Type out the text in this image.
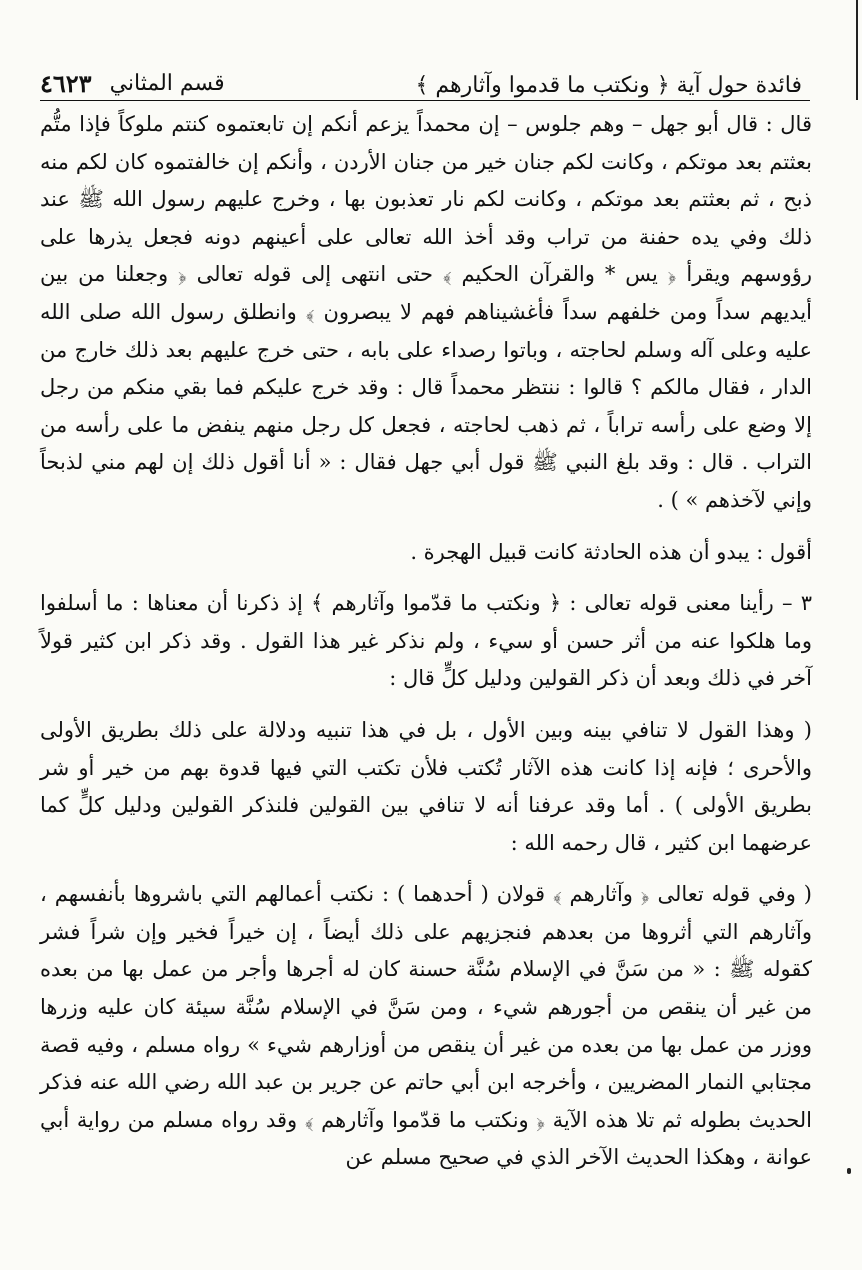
فائدة حول آية ﴿ ونكتب ما قدموا وآثارهم ﴾
قسم المثاني
٤٦٢٣

قال : قال أبو جهل – وهم جلوس – إن محمداً يزعم أنكم إن تابعتموه كنتم ملوكاً فإذا متُّم بعثتم بعد موتكم ، وكانت لكم جنان خير من جنان الأردن ، وأنكم إن خالفتموه كان لكم منه ذبح ، ثم بعثتم بعد موتكم ، وكانت لكم نار تعذبون بها ، وخرج عليهم رسول الله ﷺ عند ذلك وفي يده حفنة من تراب وقد أخذ الله تعالى على أعينهم دونه فجعل يذرها على رؤوسهم ويقرأ ﴿ يس * والقرآن الحكيم ﴾ حتى انتهى إلى قوله تعالى ﴿ وجعلنا من بين أيديهم سداً ومن خلفهم سداً فأغشيناهم فهم لا يبصرون ﴾ وانطلق رسول الله صلى الله عليه وعلى آله وسلم لحاجته ، وباتوا رصداء على بابه ، حتى خرج عليهم بعد ذلك خارج من الدار ، فقال مالكم ؟ قالوا : ننتظر محمداً قال : وقد خرج عليكم فما بقي منكم من رجل إلا وضع على رأسه تراباً ، ثم ذهب لحاجته ، فجعل كل رجل منهم ينفض ما على رأسه من التراب . قال : وقد بلغ النبي ﷺ قول أبي جهل فقال : « أنا أقول ذلك إن لهم مني لذبحاً وإني لآخذهم » ) .

أقول : يبدو أن هذه الحادثة كانت قبيل الهجرة .

٣ – رأينا معنى قوله تعالى : ﴿ ونكتب ما قدّموا وآثارهم ﴾ إذ ذكرنا أن معناها : ما أسلفوا وما هلكوا عنه من أثر حسن أو سيء ، ولم نذكر غير هذا القول . وقد ذكر ابن كثير قولاً آخر في ذلك وبعد أن ذكر القولين ودليل كلٍّ قال :

( وهذا القول لا تنافي بينه وبين الأول ، بل في هذا تنبيه ودلالة على ذلك بطريق الأولى والأحرى ؛ فإنه إذا كانت هذه الآثار تُكتب فلأن تكتب التي فيها قدوة بهم من خير أو شر بطريق الأولى ) . أما وقد عرفنا أنه لا تنافي بين القولين فلنذكر القولين ودليل كلٍّ كما عرضهما ابن كثير ، قال رحمه الله :

( وفي قوله تعالى ﴿ وآثارهم ﴾ قولان ( أحدهما ) : نكتب أعمالهم التي باشروها بأنفسهم ، وآثارهم التي أثروها من بعدهم فنجزيهم على ذلك أيضاً ، إن خيراً فخير وإن شراً فشر كقوله ﷺ : « من سَنَّ في الإسلام سُنَّة حسنة كان له أجرها وأجر من عمل بها من بعده من غير أن ينقص من أجورهم شيء ، ومن سَنَّ في الإسلام سُنَّة سيئة كان عليه وزرها ووزر من عمل بها من بعده من غير أن ينقص من أوزارهم شيء » رواه مسلم ، وفيه قصة مجتابي النمار المضريين ، وأخرجه ابن أبي حاتم عن جرير بن عبد الله رضي الله عنه فذكر الحديث بطوله ثم تلا هذه الآية ﴿ ونكتب ما قدّموا وآثارهم ﴾ وقد رواه مسلم من رواية أبي عوانة ، وهكذا الحديث الآخر الذي في صحيح مسلم عن
